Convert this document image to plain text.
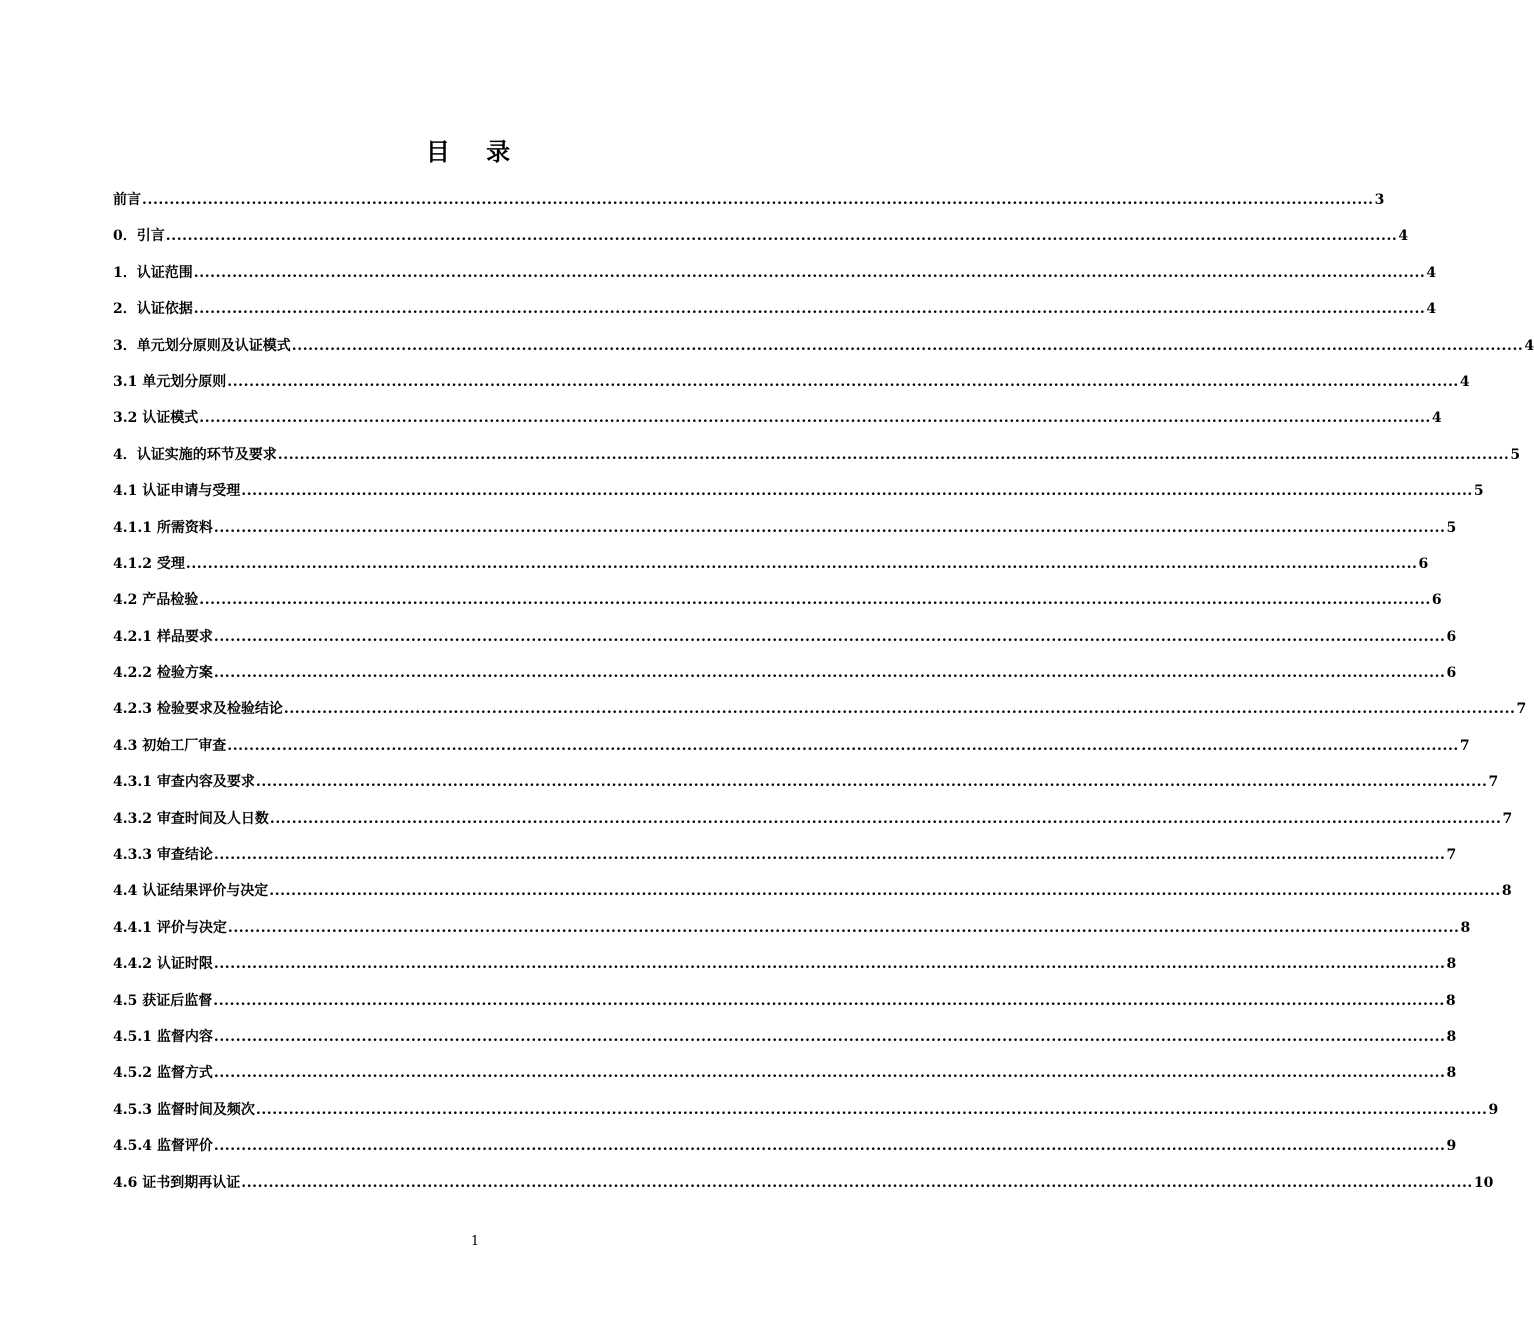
目 录
前言 ................................................................................................................................................................................................................................. 3
0．引言 ................................................................................................................................................................................................................................. 4
1．认证范围 ................................................................................................................................................................................................................................. 4
2．认证依据 ................................................................................................................................................................................................................................. 4
3．单元划分原则及认证模式 ................................................................................................................................................................................................................................. 4
3.1 单元划分原则 ................................................................................................................................................................................................................................. 4
3.2 认证模式 ................................................................................................................................................................................................................................. 4
4．认证实施的环节及要求 ................................................................................................................................................................................................................................. 5
4.1 认证申请与受理 ................................................................................................................................................................................................................................. 5
4.1.1 所需资料 ................................................................................................................................................................................................................................. 5
4.1.2 受理 ................................................................................................................................................................................................................................. 6
4.2 产品检验 ................................................................................................................................................................................................................................. 6
4.2.1 样品要求 ................................................................................................................................................................................................................................. 6
4.2.2 检验方案 ................................................................................................................................................................................................................................. 6
4.2.3 检验要求及检验结论 ................................................................................................................................................................................................................................. 7
4.3 初始工厂审查 ................................................................................................................................................................................................................................. 7
4.3.1 审查内容及要求 ................................................................................................................................................................................................................................. 7
4.3.2 审查时间及人日数 ................................................................................................................................................................................................................................. 7
4.3.3 审查结论 ................................................................................................................................................................................................................................. 7
4.4 认证结果评价与决定 ................................................................................................................................................................................................................................. 8
4.4.1 评价与决定 ................................................................................................................................................................................................................................. 8
4.4.2 认证时限 ................................................................................................................................................................................................................................. 8
4.5 获证后监督 ................................................................................................................................................................................................................................. 8
4.5.1 监督内容 ................................................................................................................................................................................................................................. 8
4.5.2 监督方式 ................................................................................................................................................................................................................................. 8
4.5.3 监督时间及频次 ................................................................................................................................................................................................................................. 9
4.5.4 监督评价 ................................................................................................................................................................................................................................. 9
4.6 证书到期再认证 ................................................................................................................................................................................................................................. 10
1
